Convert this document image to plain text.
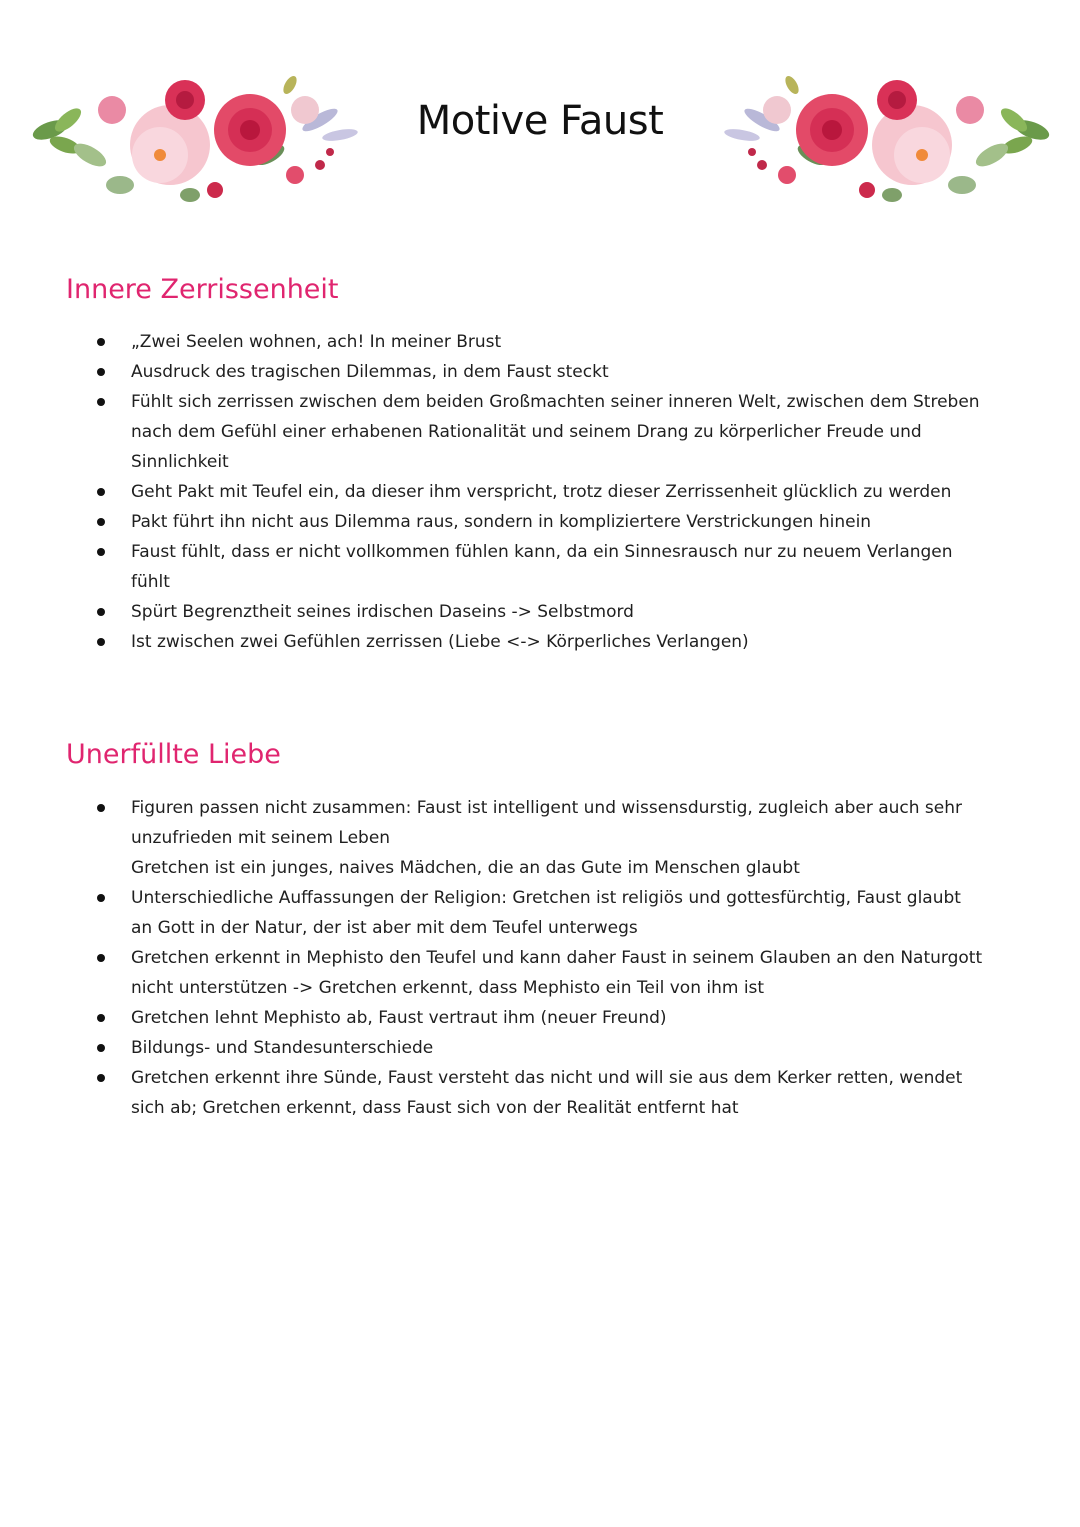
Motive Faust
Innere Zerrissenheit
„Zwei Seelen wohnen, ach! In meiner Brust
Ausdruck des tragischen Dilemmas, in dem Faust steckt
Fühlt sich zerrissen zwischen dem beiden Großmachten seiner inneren Welt, zwischen dem Streben
nach dem Gefühl einer erhabenen Rationalität und seinem Drang zu körperlicher Freude und
Sinnlichkeit
Geht Pakt mit Teufel ein, da dieser ihm verspricht, trotz dieser Zerrissenheit glücklich zu werden
Pakt führt ihn nicht aus Dilemma raus, sondern in kompliziertere Verstrickungen hinein
Faust fühlt, dass er nicht vollkommen fühlen kann, da ein Sinnesrausch nur zu neuem Verlangen
fühlt
Spürt Begrenztheit seines irdischen Daseins -> Selbstmord
Ist zwischen zwei Gefühlen zerrissen (Liebe <-> Körperliches Verlangen)
Unerfüllte Liebe
Figuren passen nicht zusammen: Faust ist intelligent und wissensdurstig, zugleich aber auch sehr
unzufrieden mit seinem Leben
Gretchen ist ein junges, naives Mädchen, die an das Gute im Menschen glaubt
Unterschiedliche Auffassungen der Religion: Gretchen ist religiös und gottesfürchtig, Faust glaubt
an Gott in der Natur, der ist aber mit dem Teufel unterwegs
Gretchen erkennt in Mephisto den Teufel und kann daher Faust in seinem Glauben an den Naturgott
nicht unterstützen -> Gretchen erkennt, dass Mephisto ein Teil von ihm ist
Gretchen lehnt Mephisto ab, Faust vertraut ihm (neuer Freund)
Bildungs- und Standesunterschiede
Gretchen erkennt ihre Sünde, Faust versteht das nicht und will sie aus dem Kerker retten, wendet
sich ab; Gretchen erkennt, dass Faust sich von der Realität entfernt hat
